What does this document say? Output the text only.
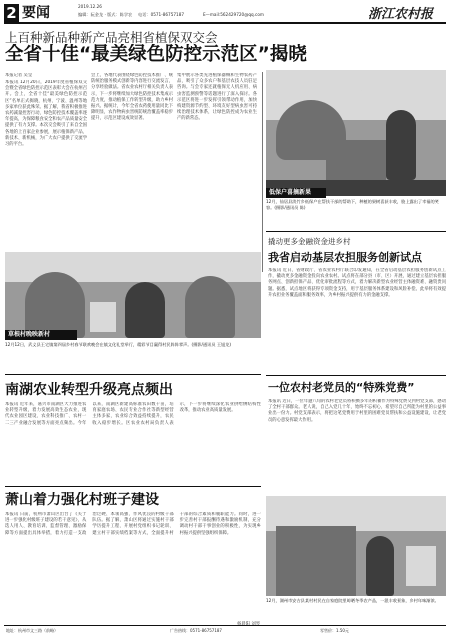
2 要闻	2019.12.26
编辑：阮金龙 · 版式：陈学农	电话：0571-86757187	E—mail:562429720@qq.com	浙江农村报
上百种新品种新产品亮相省植保双交会
全省十佳“最美绿色防控示范区”揭晓
本报记者 吴莹
本报讯 12月20日，2019年度省植保双交会暨全省绿色防控示范区表彰大会在杭州召开。会上，全省十佳“最美绿色防控示范区”名单正式揭晓，杭州、宁波、温州等地多家单位获此殊荣。据了解，我省积极推进农药减量控害行动，绿色防控技术覆盖率逐年提高，为保障粮食安全和农产品质量安全提供了有力支撑。本次交会吸引了来自全国各地的上百家企业参展，展示植保新产品、新技术、新机械，为广大农户提供了交流学习的平台。
会上，各地代表围绕绿色防控技术推广、统防统治服务模式创新等内容进行交流发言，分享经验做法。省农业农村厅相关负责人表示，下一步将继续加大绿色防控技术集成示范力度，推动植保工作转型升级，助力乡村振兴。据统计，今年全省农药使用量同比下降明显，农作物病虫害统防统治覆盖率稳步提升，示范区建设成效显著。
集中展示各类先进植保器械和生物农药产品，吸引了众多农户和基层农技人员驻足咨询。与会专家还就植保无人机应用、病虫害监测预警等话题进行了深入探讨。各示范区将进一步发挥引领带动作用，加快构建资源节约型、环境友好型病虫害可持续治理技术体系，让绿色防控成为农业生产的新常态。
低保户喜摘新果
12月，仙居县淡竹乡低保户在帮扶干部的帮助下，种植的果树喜获丰收，脸上露出了幸福的笑容。(摄影/通讯员 陈)
撬动更多金融资金进乡村
我省启动基层农担服务创新试点
本报讯 近日，省财政厅、省农业农村厅联合印发通知，在全省启动基层农担服务创新试点工作，撬动更多金融资金投向农业农村。试点将在部分县（市、区）开展，通过建立基层农担服务网点、创新担保产品、优化审批流程等方式，着力解决新型农业经营主体融资难、融资贵问题。据悉，试点地区将获得专项资金支持，用于基层服务体系建设和风险补偿。此举将有效提升农担业务覆盖面和服务效率，为乡村振兴提供有力的金融支撑。
草根村晚映新村
12月12日，武义县王宅镇第四届乡村春节联欢晚会在镇文化礼堂举行，精彩节目赢得村民阵阵掌声。(摄影/通讯员 王旭龙)
一位农村老党员的“特殊党费”
本报讯 近日，一位年逾八旬的农村老党员将积攒多年的积蓄作为特殊党费交到村党支部，感动了全村干部群众。老人说，自己入党几十年，始终不忘初心，希望尽自己所能为村里的公益事业出一份力。村党支部表示，将把这笔党费用于村里的困难党员帮扶和公益设施建设，让老党员的心意发挥最大作用。
南湖农业转型升级亮点频出
本报讯 近年来，嘉兴市南湖区大力推进农业转型升级，着力发展高效生态农业，现代农业园区建设、农业科技推广、农村一二三产业融合发展等方面亮点频出。今年以来，南湖区新建高标准农田数千亩，培育家庭农场、农民专业合作社等新型经营主体多家，农业综合效益持续提升，农民收入稳步增长。区农业农村局负责人表示，下一步将继续深化农业供给侧结构性改革，推动农业高质量发展。
萧山着力强化村班子建设
本报讯 日前，杭州市萧山区出台了《关于进一步强化村级班子建设的若干意见》，从选人用人、教育培训、监督管理、激励保障等方面提出具体举措，着力打造一支政治过硬、本领高强、作风优良的村级干部队伍。据了解，萧山区将通过实施村干部学历提升工程、开展村党组织书记轮训、建立村干部实绩档案等方式，全面提升村干部的综合素质和履职能力。同时，进一步完善村干部报酬待遇和激励机制，充分调动村干部干事创业的积极性，为实现乡村振兴提供坚强组织保障。
12月，湖州市安吉县某村村民在自家庭院里晾晒冬季农产品，一派丰收景象，乡村年味渐浓。
地址：杭州市文三路（前略）	广告热线：0571-86757187	零售价：1.50元
